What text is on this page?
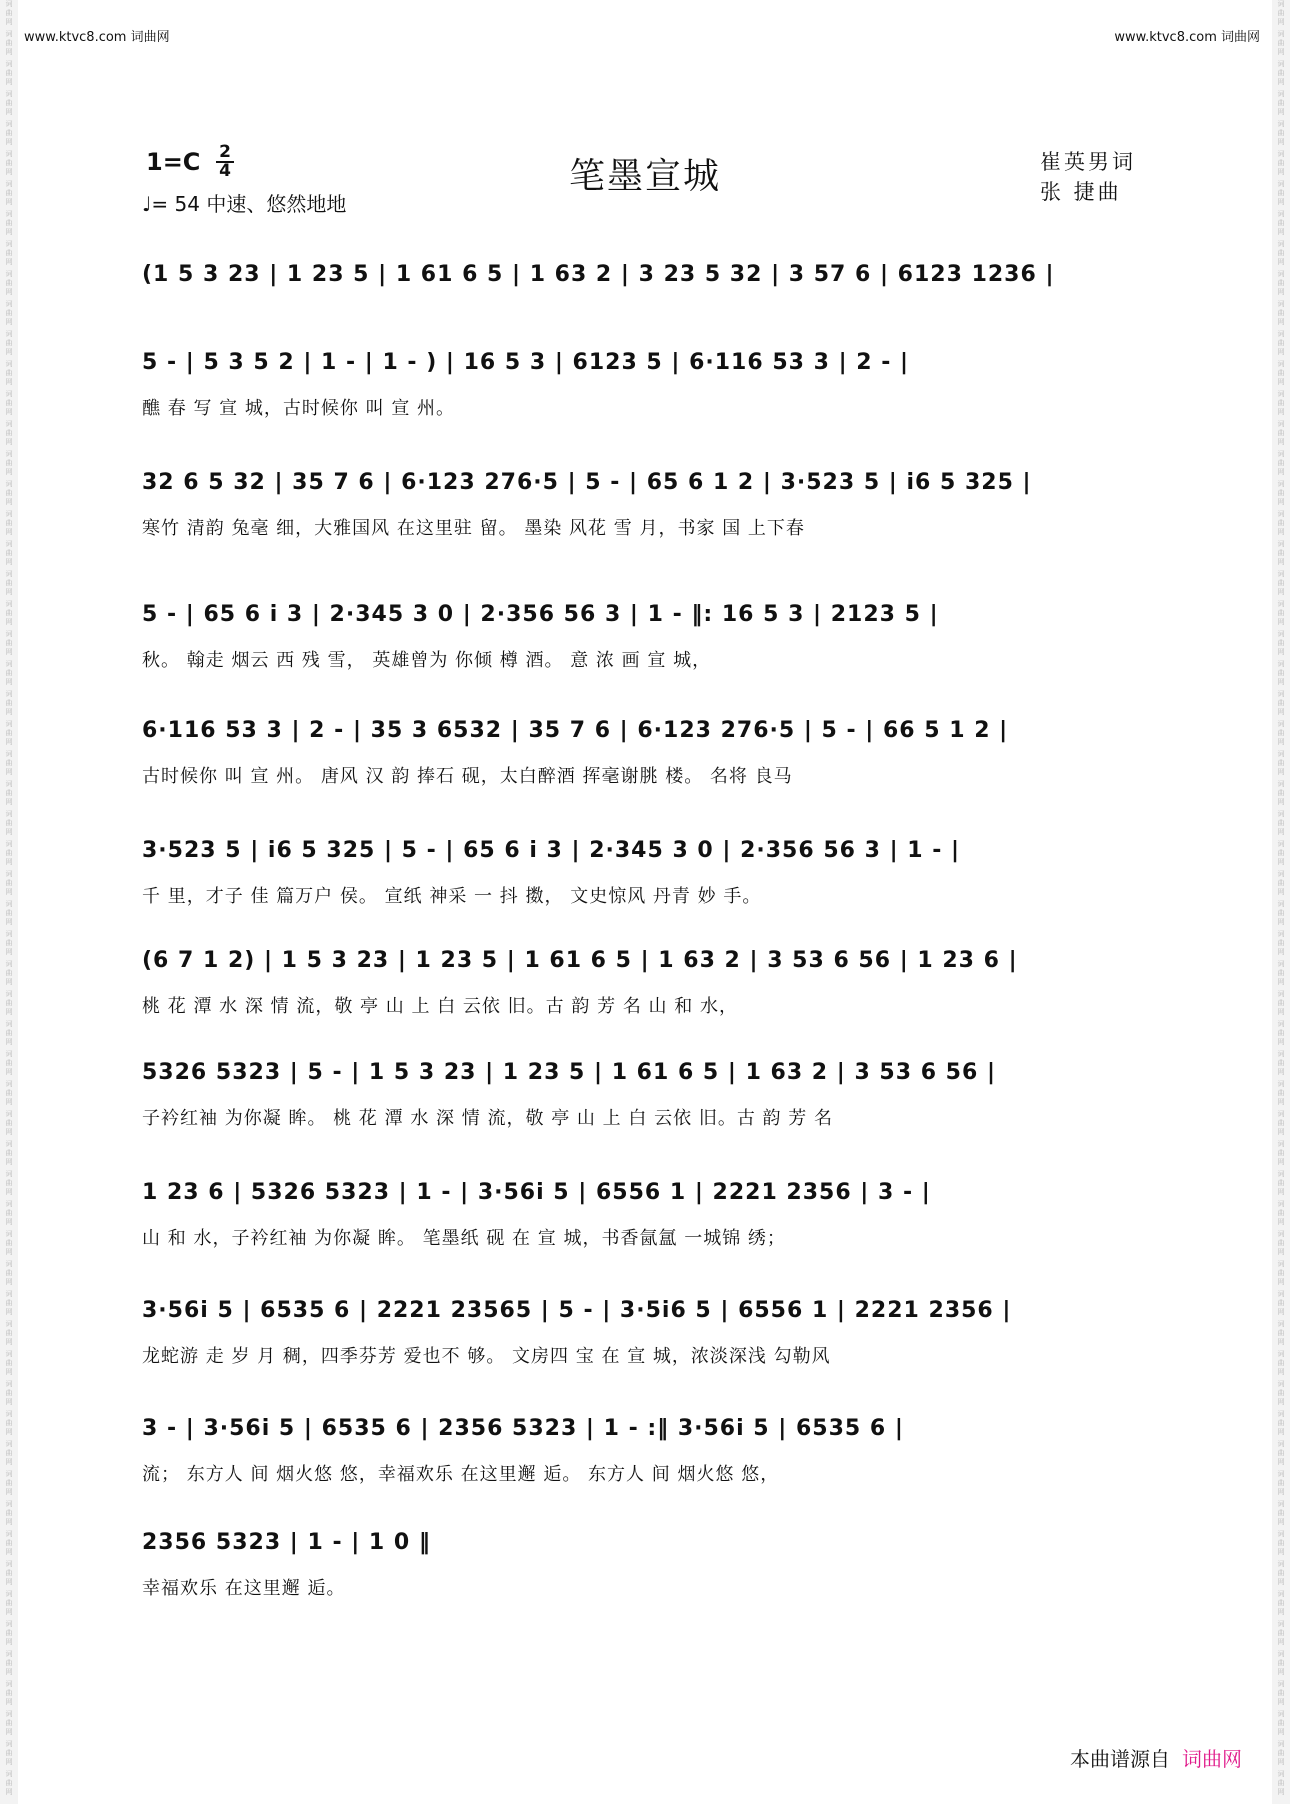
词
曲
网
词
曲
网
词
曲
网
词
曲
网
词
曲
网
词
曲
网
词
曲
网
词
曲
网
词
曲
网
词
曲
网
词
曲
网
词
曲
网
词
曲
网
词
曲
网
词
曲
网
词
曲
网
词
曲
网
词
曲
网
词
曲
网
词
曲
网
词
曲
网
词
曲
网
词
曲
网
词
曲
网
词
曲
网
词
曲
网
词
曲
网
词
曲
网
词
曲
网
词
曲
网
词
曲
网
词
曲
网
词
曲
网
词
曲
网
词
曲
网
词
曲
网
词
曲
网
词
曲
网
词
曲
网
词
曲
网
词
曲
网
词
曲
网
词
曲
网
词
曲
网
词
曲
网
词
曲
网
词
曲
网
词
曲
网
词
曲
网
词
曲
网
词
曲
网
词
曲
网
词
曲
网
词
曲
网
词
曲
网
词
曲
网
词
曲
网
词
曲
网
词
曲
网
词
曲
网
词
曲
网
词
曲
网
词
曲
网
词
曲
网
词
曲
网
词
曲
网
词
曲
网
词
曲
网
词
曲
网
词
曲
网
词
曲
网
词
曲
网
词
曲
网
词
曲
网
词
曲
网
词
曲
网
词
曲
网
词
曲
网
词
曲
网
词
曲
网
词
曲
网
词
曲
网
词
曲
网
词
曲
网
词
曲
网
词
曲
网
词
曲
网
词
曲
网
词
曲
网
词
曲
网
词
曲
网
词
曲
网
词
曲
网
词
曲
网
词
曲
网
词
曲
网
词
曲
网
词
曲
网
词
曲
网
词
曲
网
词
曲
网
词
曲
网
词
曲
网
词
曲
网
词
曲
网
词
曲
网
词
曲
网
词
曲
网
词
曲
网
词
曲
网
词
曲
网
词
曲
网
词
曲
网
词
曲
网
词
曲
网
词
曲
网
词
曲
网
词
曲
网
词
曲
网
词
曲
网
www.ktvc8.com 词曲网	www.ktvc8.com 词曲网
1=C 2
4
♩= 54 中速、悠然地地
笔墨宣城	崔英男词
张 捷曲
(1 5 3 23 | 1 23 5 | 1 61 6 5 | 1 63 2 | 3 23 5 32 | 3 57 6 | 6123 1236 |
5 - | 5 3 5 2 | 1 - | 1 - ) | 16 5 3 | 6123 5 | 6·116 53 3 | 2 - |
醮 春 写 宣 城，古时候你 叫 宣 州。
32 6 5 32 | 35 7 6 | 6·123 276·5 | 5 - | 65 6 1 2 | 3·523 5 | i6 5 325 |
寒竹 清韵 兔毫 细，大雅国风 在这里驻 留。 墨染 风花 雪 月，书家 国 上下春
5 - | 65 6 i 3 | 2·345 3 0 | 2·356 56 3 | 1 - ‖: 16 5 3 | 2123 5 |
秋。 翰走 烟云 西 残 雪， 英雄曾为 你倾 樽 酒。 意 浓 画 宣 城，
6·116 53 3 | 2 - | 35 3 6532 | 35 7 6 | 6·123 276·5 | 5 - | 66 5 1 2 |
古时候你 叫 宣 州。 唐风 汉 韵 捧石 砚，太白醉酒 挥毫谢朓 楼。 名将 良马
3·523 5 | i6 5 325 | 5 - | 65 6 i 3 | 2·345 3 0 | 2·356 56 3 | 1 - |
千 里，才子 佳 篇万户 侯。 宣纸 神采 一 抖 擞， 文史惊风 丹青 妙 手。
(6 7 1 2) | 1 5 3 23 | 1 23 5 | 1 61 6 5 | 1 63 2 | 3 53 6 56 | 1 23 6 |
桃 花 潭 水 深 情 流，敬 亭 山 上 白 云依 旧。古 韵 芳 名 山 和 水，
5326 5323 | 5 - | 1 5 3 23 | 1 23 5 | 1 61 6 5 | 1 63 2 | 3 53 6 56 |
子衿红袖 为你凝 眸。 桃 花 潭 水 深 情 流，敬 亭 山 上 白 云依 旧。古 韵 芳 名
1 23 6 | 5326 5323 | 1 - | 3·56i 5 | 6556 1 | 2221 2356 | 3 - |
山 和 水，子衿红袖 为你凝 眸。 笔墨纸 砚 在 宣 城，书香氤氲 一城锦 绣；
3·56i 5 | 6535 6 | 2221 23565 | 5 - | 3·5i6 5 | 6556 1 | 2221 2356 |
龙蛇游 走 岁 月 稠，四季芬芳 爱也不 够。 文房四 宝 在 宣 城，浓淡深浅 勾勒风
3 - | 3·56i 5 | 6535 6 | 2356 5323 | 1 - :‖ 3·56i 5 | 6535 6 |
流； 东方人 间 烟火悠 悠，幸福欢乐 在这里邂 逅。 东方人 间 烟火悠 悠，
2356 5323 | 1 - | 1 0 ‖
幸福欢乐 在这里邂 逅。
本曲谱源自 词曲网
